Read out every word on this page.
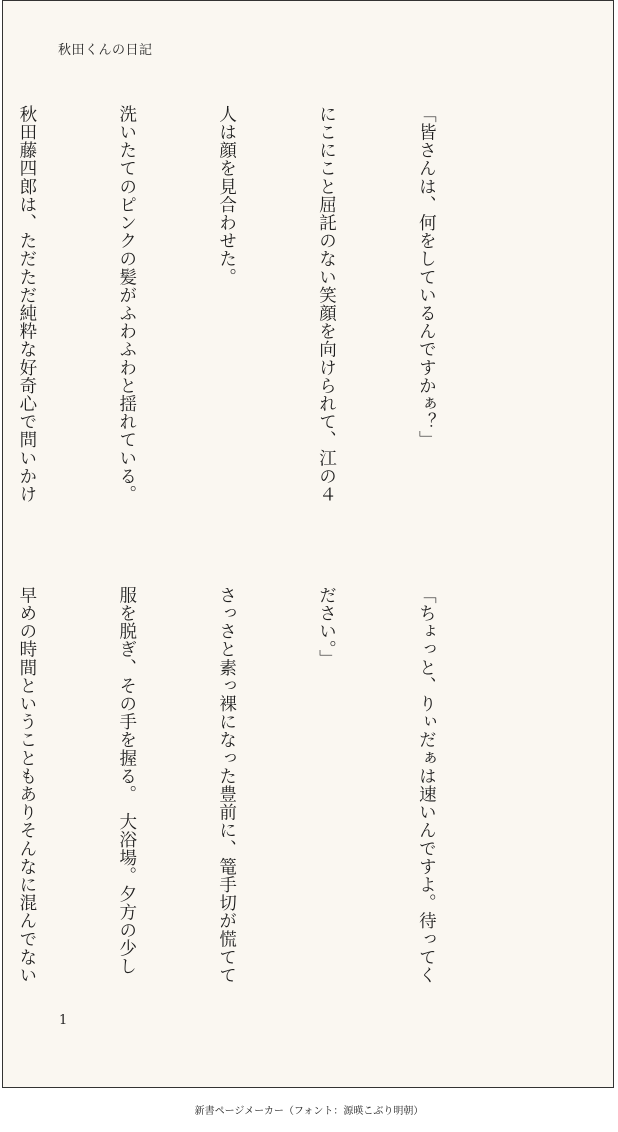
秋田くんの日記

「皆さんは、何をしているんですかぁ？」

にこにこと屈託のない笑顔を向けられて、江の４

人は顔を見合わせた。

洗いたてのピンクの髪がふわふわと揺れている。

秋田藤四郎は、ただただ純粋な好奇心で問いかけ

「ちょっと、りぃだぁは速いんですよ。待ってく

ださい。」

さっさと素っ裸になった豊前に、篭手切が慌てて

服を脱ぎ、その手を握る。　大浴場。夕方の少し

早めの時間ということもありそんなに混んでない

1
新書ページメーカー（フォント：源暎こぶり明朝）
